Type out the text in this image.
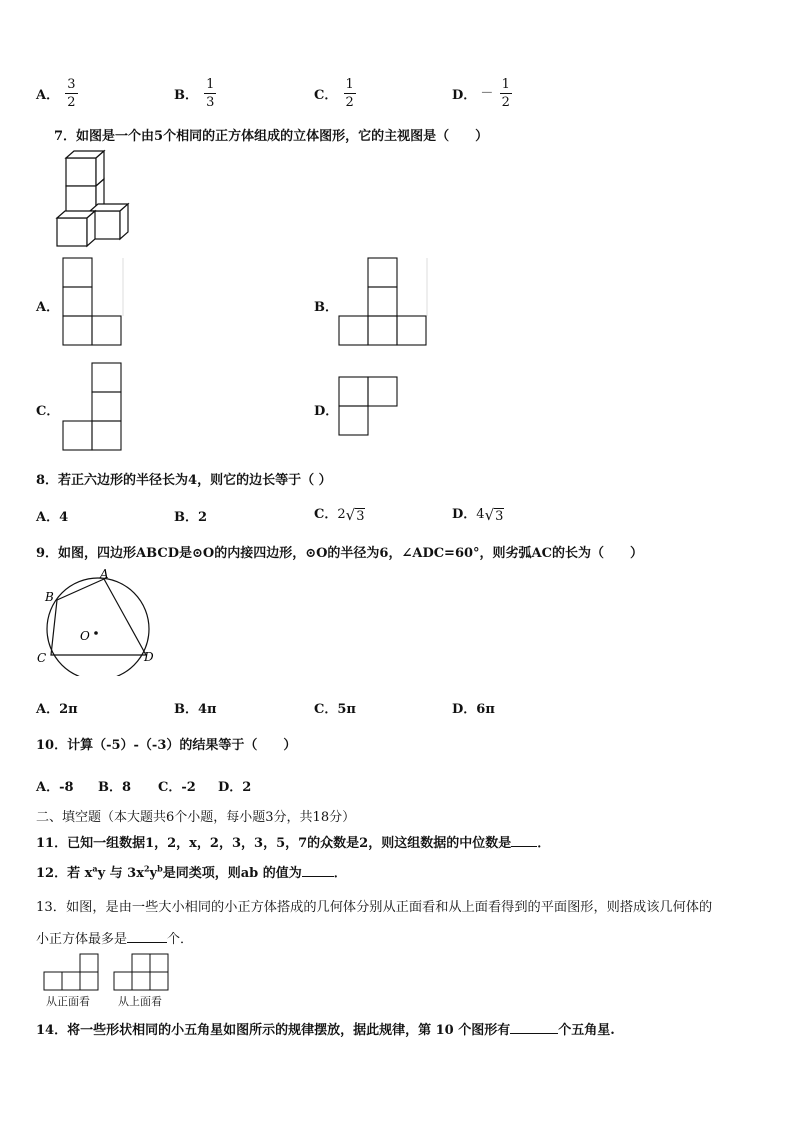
A． $\frac{3}{2}$	B． $\frac{1}{3}$	C． $\frac{1}{2}$	D． － $\frac{1}{2}$
7．如图是一个由5个相同的正方体组成的立体图形，它的主视图是（　　）
A．	B．
C．	D．
8．若正六边形的半径长为4，则它的边长等于（ ）
A．4	B．2	C．2√3	D．4√3
9．如图，四边形ABCD是⊙O的内接四边形，⊙O的半径为6，∠ADC=60°，则劣弧AC的长为（　　）
A
B
C	D
O
A．2π	B．4π	C．5π	D．6π
10．计算（-5）-（-3）的结果等于（　　）
A．-8 B．8 C．-2 D．2
二、填空题（本大题共6个小题，每小题3分，共18分）
11．已知一组数据1，2，x，2，3，3，5，7的众数是2，则这组数据的中位数是 ．
12．若 $x^ay$ 与 $3x^2y^b$是同类项，则ab 的值为 ．
13．如图，是由一些大小相同的小正方体搭成的几何体分别从正面看和从上面看得到的平面图形，则搭成该几何体的
小正方体最多是	个．
从正面看	从上面看
14．将一些形状相同的小五角星如图所示的规律摆放，据此规律，第 10 个图形有	个五角星.
